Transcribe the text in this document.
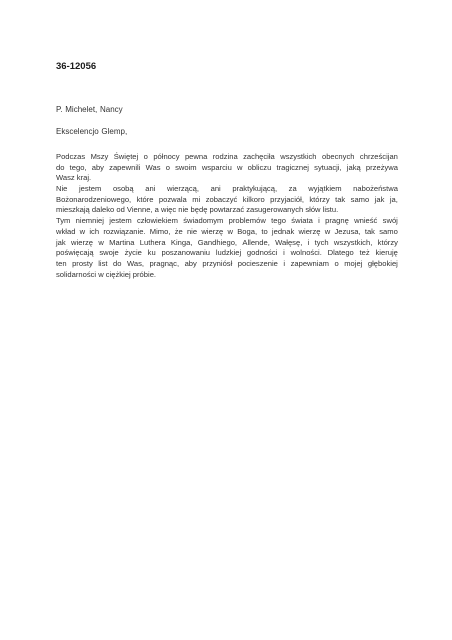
36-12056
P. Michelet, Nancy
Ekscelencjo Glemp,
Podczas Mszy Świętej o północy pewna rodzina zachęciła wszystkich obecnych chrześcijan
do tego, aby zapewnili Was o swoim wsparciu w obliczu tragicznej sytuacji, jaką przeżywa
Wasz kraj.
Nie jestem osobą ani wierzącą, ani praktykującą, za wyjątkiem nabożeństwa
Bożonarodzeniowego, które pozwala mi zobaczyć kilkoro przyjaciół, którzy tak samo jak ja,
mieszkają daleko od Vienne, a więc nie będę powtarzać zasugerowanych słów listu.
Tym niemniej jestem człowiekiem świadomym problemów tego świata i pragnę wnieść swój
wkład w ich rozwiązanie. Mimo, że nie wierzę w Boga, to jednak wierzę w Jezusa, tak samo
jak wierzę w Martina Luthera Kinga, Gandhiego, Allende, Wałęsę, i tych wszystkich, którzy
poświęcają swoje życie ku poszanowaniu ludzkiej godności i wolności. Dlatego też kieruję
ten prosty list do Was, pragnąc, aby przyniósł pocieszenie i zapewniam o mojej głębokiej
solidarności w ciężkiej próbie.
